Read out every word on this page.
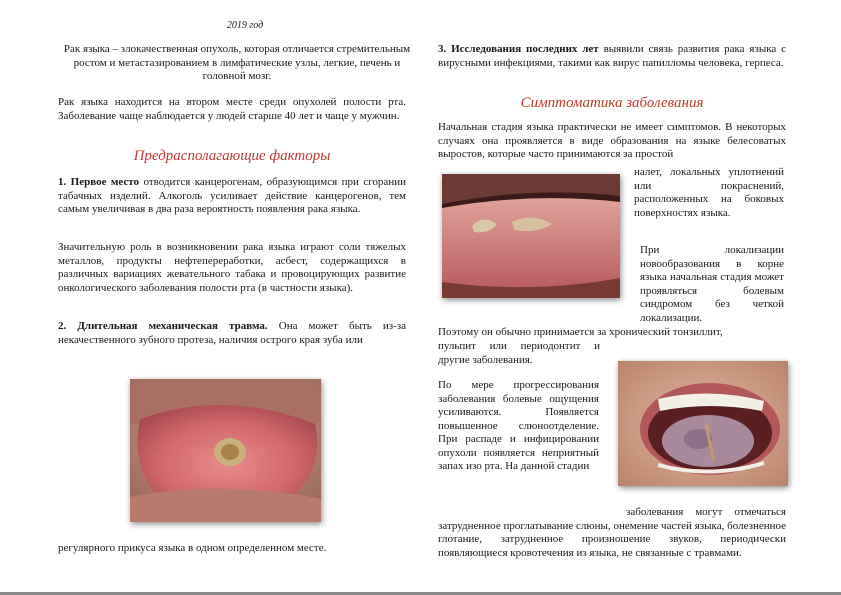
2019 год

Рак языка – злокачественная опухоль, которая отличается стремительным ростом и метастазированием в лимфатические узлы, легкие, печень и головной мозг.

Рак языка находится на втором месте среди опухолей полости рта. Заболевание чаще наблюдается у людей старше 40 лет и чаще у мужчин.

Предрасполагающие факторы

1. Первое место отводится канцерогенам, образующимся при сгорании табачных изделий. Алкоголь усиливает действие канцерогенов, тем самым увеличивая в два раза вероятность появления рака языка.

Значительную роль в возникновении рака языка играют соли тяжелых металлов, продукты нефтепереработки, асбест, содержащихся в различных вариациях жевательного табака и провоцирующих развитие онкологического заболевания полости рта (в частности языка).

2. Длительная механическая травма. Она может быть из-за некачественного зубного протеза, наличия острого края зуба или

регулярного прикуса языка в одном определенном месте.

3. Исследования последних лет выявили связь развития рака языка с вирусными инфекциями, такими как вирус папилломы человека, герпеса.

Симптоматика заболевания

Начальная стадия языка практически не имеет симптомов. В некоторых случаях она проявляется в виде образования на языке белесоватых выростов, которые часто принимаются за простой

налет, локальных уплотнений или покраснений, расположенных на боковых поверхностях языка.

При локализации новообразования в корне языка начальная стадия может проявляться болевым синдромом без четкой локализации.

Поэтому он обычно принимается за хронический тонзиллит,

пульпит или периодонтит и другие заболевания.

По мере прогрессирования заболевания болевые ощущения усиливаются. Появляется повышенное слюноотделение. При распаде и инфицировании опухоли появляется неприятный запах изо рта. На данной стадии

заболевания могут отмечаться затрудненное проглатывание слюны, онемение частей языка, болезненное глотание, затрудненное произношение звуков, периодически появляющиеся кровотечения из языка, не связанные с травмами.
